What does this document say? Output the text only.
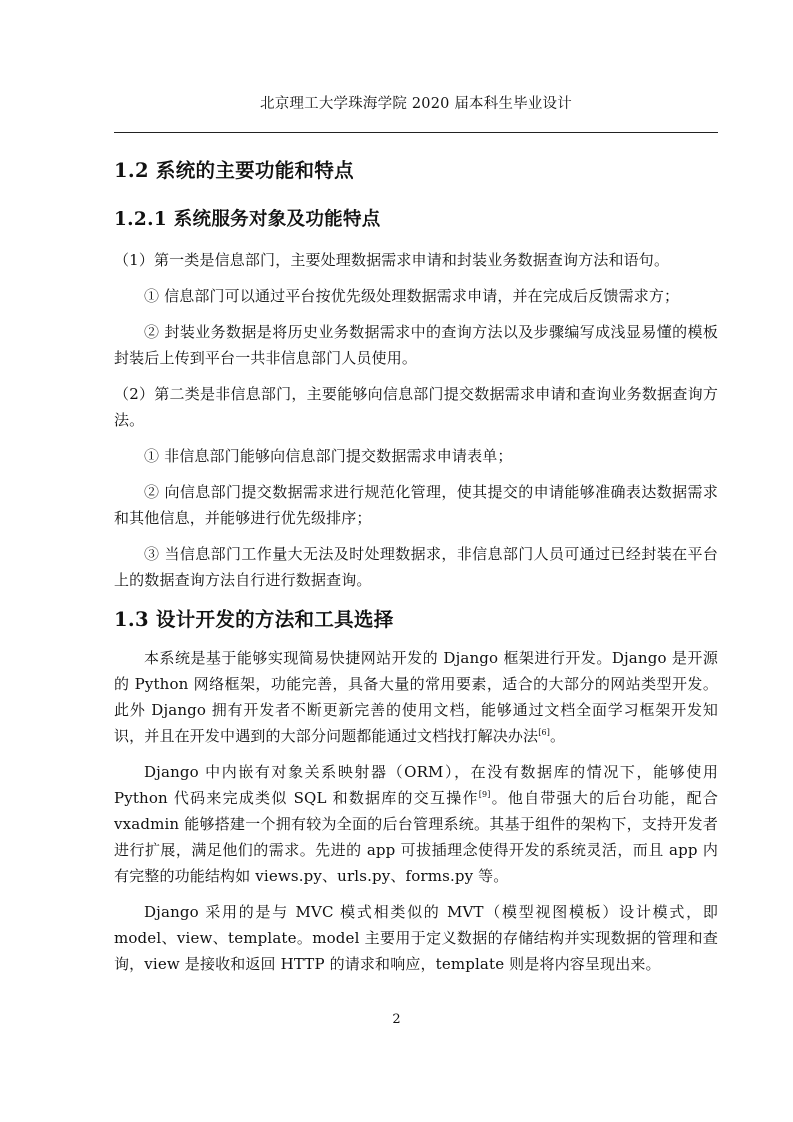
北京理工大学珠海学院 2020 届本科生毕业设计
1.2 系统的主要功能和特点
1.2.1 系统服务对象及功能特点

（1）第一类是信息部门，主要处理数据需求申请和封装业务数据查询方法和语句。

① 信息部门可以通过平台按优先级处理数据需求申请，并在完成后反馈需求方；

② 封装业务数据是将历史业务数据需求中的查询方法以及步骤编写成浅显易懂的模板封装后上传到平台一共非信息部门人员使用。

（2）第二类是非信息部门，主要能够向信息部门提交数据需求申请和查询业务数据查询方法。

① 非信息部门能够向信息部门提交数据需求申请表单；

② 向信息部门提交数据需求进行规范化管理，使其提交的申请能够准确表达数据需求和其他信息，并能够进行优先级排序；

③ 当信息部门工作量大无法及时处理数据求，非信息部门人员可通过已经封装在平台上的数据查询方法自行进行数据查询。

1.3 设计开发的方法和工具选择

本系统是基于能够实现简易快捷网站开发的 Django 框架进行开发。Django 是开源的 Python 网络框架，功能完善，具备大量的常用要素，适合的大部分的网站类型开发。此外 Django 拥有开发者不断更新完善的使用文档，能够通过文档全面学习框架开发知识，并且在开发中遇到的大部分问题都能通过文档找打解决办法[6]。

Django 中内嵌有对象关系映射器（ORM），在没有数据库的情况下，能够使用 Python 代码来完成类似 SQL 和数据库的交互操作[9]。他自带强大的后台功能，配合 vxadmin 能够搭建一个拥有较为全面的后台管理系统。其基于组件的架构下，支持开发者进行扩展，满足他们的需求。先进的 app 可拔插理念使得开发的系统灵活，而且 app 内有完整的功能结构如 views.py、urls.py、forms.py 等。

Django 采用的是与 MVC 模式相类似的 MVT（模型视图模板）设计模式，即 model、view、template。model 主要用于定义数据的存储结构并实现数据的管理和查询，view 是接收和返回 HTTP 的请求和响应，template 则是将内容呈现出来。

2
